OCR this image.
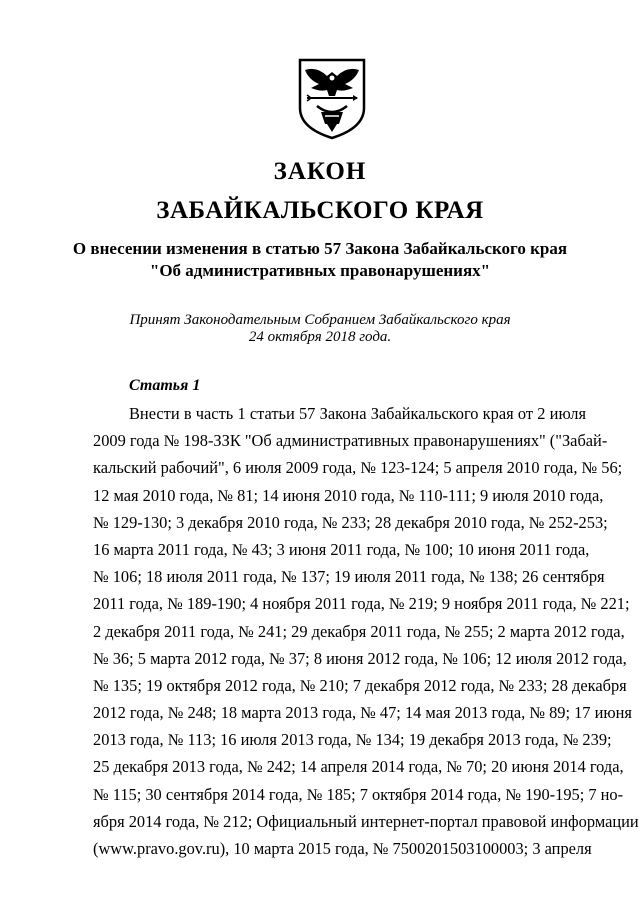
ЗАКОН
ЗАБАЙКАЛЬСКОГО КРАЯ
О внесении изменения в статью 57 Закона Забайкальского края
"Об административных правонарушениях"
Принят Законодательным Собранием Забайкальского края
24 октября 2018 года.
Статья 1
Внести в часть 1 статьи 57 Закона Забайкальского края от 2 июля
2009 года № 198-ЗЗК "Об административных правонарушениях" ("Забай-
кальский рабочий", 6 июля 2009 года, № 123-124; 5 апреля 2010 года, № 56;
12 мая 2010 года, № 81; 14 июня 2010 года, № 110-111; 9 июля 2010 года,
№ 129-130; 3 декабря 2010 года, № 233; 28 декабря 2010 года, № 252-253;
16 марта 2011 года, № 43; 3 июня 2011 года, № 100; 10 июня 2011 года,
№ 106; 18 июля 2011 года, № 137; 19 июля 2011 года, № 138; 26 сентября
2011 года, № 189-190; 4 ноября 2011 года, № 219; 9 ноября 2011 года, № 221;
2 декабря 2011 года, № 241; 29 декабря 2011 года, № 255; 2 марта 2012 года,
№ 36; 5 марта 2012 года, № 37; 8 июня 2012 года, № 106; 12 июля 2012 года,
№ 135; 19 октября 2012 года, № 210; 7 декабря 2012 года, № 233; 28 декабря
2012 года, № 248; 18 марта 2013 года, № 47; 14 мая 2013 года, № 89; 17 июня
2013 года, № 113; 16 июля 2013 года, № 134; 19 декабря 2013 года, № 239;
25 декабря 2013 года, № 242; 14 апреля 2014 года, № 70; 20 июня 2014 года,
№ 115; 30 сентября 2014 года, № 185; 7 октября 2014 года, № 190-195; 7 но-
ября 2014 года, № 212; Официальный интернет-портал правовой информации
(www.pravo.gov.ru), 10 марта 2015 года, № 7500201503100003; 3 апреля
